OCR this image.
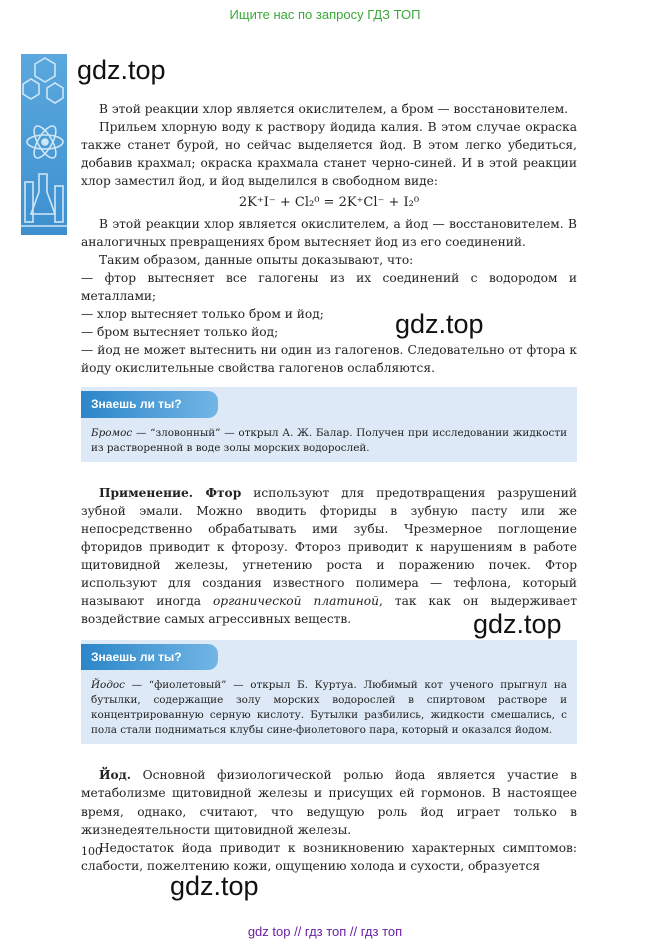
Ищите нас по запросу ГДЗ ТОП
gdz.top
gdz.top
gdz.top
gdz.top

В этой реакции хлор является окислителем, а бром — восстановителем.

Прильем хлорную воду к раствору йодида калия. В этом случае окраска также станет бурой, но сейчас выделяется йод. В этом легко убедиться, добавив крахмал; окраска крахмала станет черно-синей. И в этой реакции хлор заместил йод, и йод выделился в свободном виде:

2K⁺I⁻ + Cl₂⁰ = 2K⁺Cl⁻ + I₂⁰

В этой реакции хлор является окислителем, а йод — восстановителем. В аналогичных превращениях бром вытесняет йод из его соединений.

Таким образом, данные опыты доказывают, что:

— фтор вытесняет все галогены из их соединений с водородом и металлами;

— хлор вытесняет только бром и йод;

— бром вытесняет только йод;

— йод не может вытеснить ни один из галогенов. Следовательно от фтора к йоду окислительные свойства галогенов ослабляются.

Знаешь ли ты?
Бромос — “зловонный” — открыл А. Ж. Балар. Получен при исследовании жидкости из растворенной в воде золы морских водорослей.

Применение. Фтор используют для предотвращения разрушений зубной эмали. Можно вводить фториды в зубную пасту или же непосредственно обрабатывать ими зубы. Чрезмерное поглощение фторидов приводит к фторозу. Фтороз приводит к нарушениям в работе щитовидной железы, угнетению роста и поражению почек. Фтор используют для создания известного полимера — тефлона, который называют иногда органической платиной, так как он выдерживает воздействие самых агрессивных веществ.

Знаешь ли ты?
Йодос — “фиолетовый” — открыл Б. Куртуа. Любимый кот ученого прыгнул на бутылки, содержащие золу морских водорослей в спиртовом растворе и концентрированную серную кислоту. Бутылки разбились, жидкости смешались, с пола стали подниматься клубы сине-фиолетового пара, который и оказался йодом.

Йод. Основной физиологической ролью йода является участие в метаболизме щитовидной железы и присущих ей гормонов. В настоящее время, однако, считают, что ведущую роль йод играет только в жизнедеятельности щитовидной железы.

Недостаток йода приводит к возникновению характерных симптомов: слабости, пожелтению кожи, ощущению холода и сухости, образуется

100
gdz top // гдз топ // гдз топ
